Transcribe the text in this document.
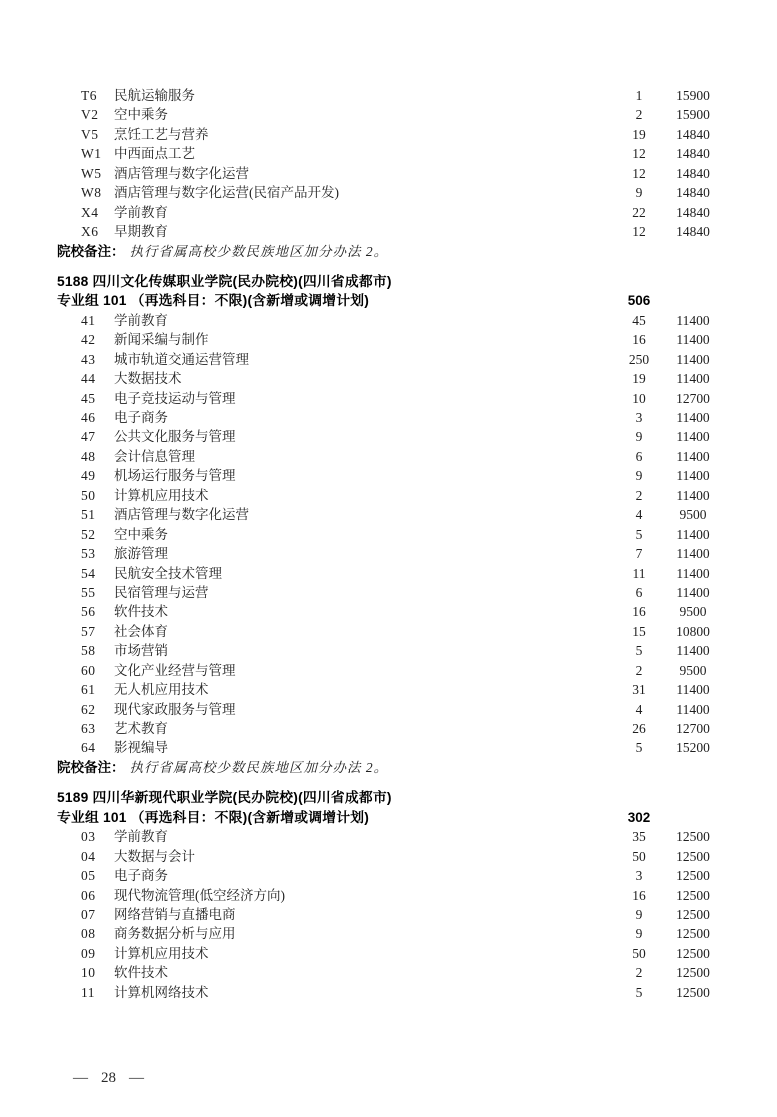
T6	民航运输服务	1	15900
V2	空中乘务	2	15900
V5	烹饪工艺与营养	19	14840
W1 中西面点工艺	12	14840
W5 酒店管理与数字化运营	12	14840
W8 酒店管理与数字化运营(民宿产品开发)	9	14840
X4	学前教育	22	14840
X6	早期教育	12	14840
院校备注： 执行省属高校少数民族地区加分办法 2。
5188 四川文化传媒职业学院(民办院校)(四川省成都市)
专业组 101 （再选科目：不限)(含新增或调增计划)	506
41	学前教育	45	11400
42	新闻采编与制作	16	11400
43	城市轨道交通运营管理	250	11400
44	大数据技术	19	11400
45	电子竞技运动与管理	10	12700
46	电子商务	3	11400
47	公共文化服务与管理	9	11400
48	会计信息管理	6	11400
49	机场运行服务与管理	9	11400
50	计算机应用技术	2	11400
51	酒店管理与数字化运营	4	9500
52	空中乘务	5	11400
53	旅游管理	7	11400
54	民航安全技术管理	11	11400
55	民宿管理与运营	6	11400
56	软件技术	16	9500
57	社会体育	15	10800
58	市场营销	5	11400
60	文化产业经营与管理	2	9500
61	无人机应用技术	31	11400
62	现代家政服务与管理	4	11400
63	艺术教育	26	12700
64	影视编导	5	15200
院校备注： 执行省属高校少数民族地区加分办法 2。
5189 四川华新现代职业学院(民办院校)(四川省成都市)
专业组 101 （再选科目：不限)(含新增或调增计划)	302
03	学前教育	35	12500
04	大数据与会计	50	12500
05	电子商务	3	12500
06	现代物流管理(低空经济方向)	16	12500
07	网络营销与直播电商	9	12500
08	商务数据分析与应用	9	12500
09	计算机应用技术	50	12500
10	软件技术	2	12500
11	计算机网络技术	5	12500
— 28 —
